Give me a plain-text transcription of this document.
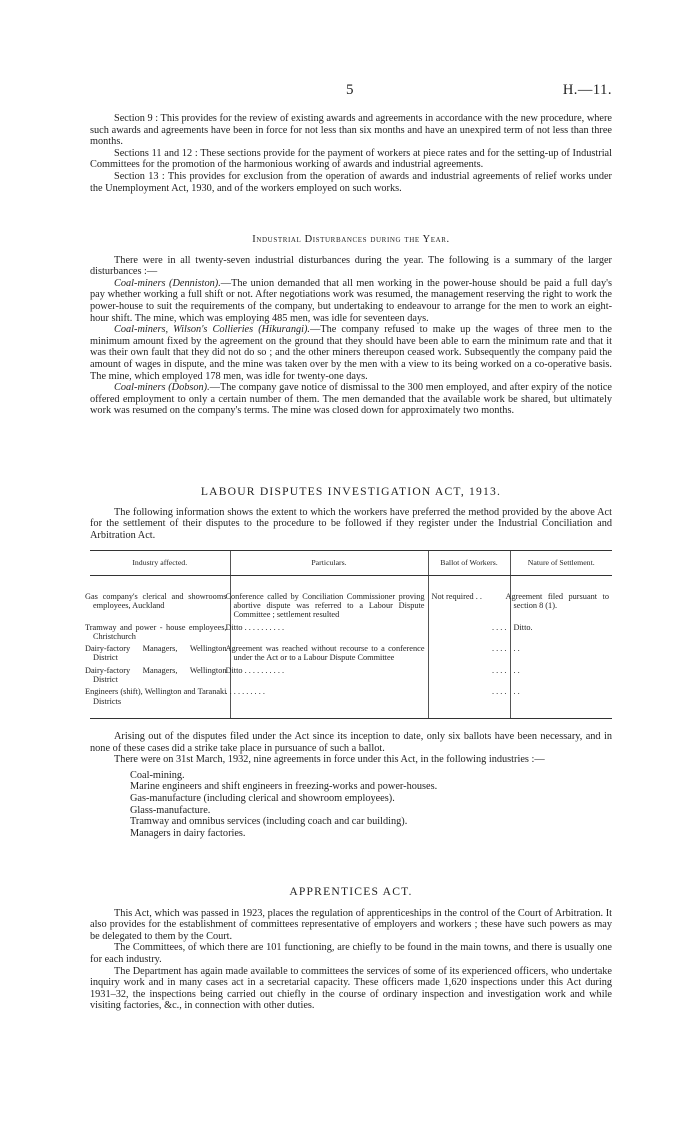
5	H.—11.

Section 9 : This provides for the review of existing awards and agreements in accordance with the new procedure, where such awards and agreements have been in force for not less than six months and have an unexpired term of not less than three months.

Sections 11 and 12 : These sections provide for the payment of workers at piece rates and for the setting-up of Industrial Committees for the promotion of the harmonious working of awards and industrial agreements.

Section 13 : This provides for exclusion from the operation of awards and industrial agreements of relief works under the Unemployment Act, 1930, and of the workers employed on such works.

Industrial Disturbances during the Year.

There were in all twenty-seven industrial disturbances during the year. The following is a summary of the larger disturbances :—

Coal-miners (Denniston).—The union demanded that all men working in the power-house should be paid a full day's pay whether working a full shift or not. After negotiations work was resumed, the management reserving the right to work the power-house to suit the requirements of the company, but undertaking to endeavour to arrange for the men to work an eight-hour shift. The mine, which was employing 485 men, was idle for seventeen days.

Coal-miners, Wilson's Collieries (Hikurangi).—The company refused to make up the wages of three men to the minimum amount fixed by the agreement on the ground that they should have been able to earn the minimum rate and that it was their own fault that they did not do so ; and the other miners thereupon ceased work. Subsequently the company paid the amount of wages in dispute, and the mine was taken over by the men with a view to its being worked on a co-operative basis. The mine, which employed 178 men, was idle for twenty-one days.

Coal-miners (Dobson).—The company gave notice of dismissal to the 300 men employed, and after expiry of the notice offered employment to only a certain number of them. The men demanded that the available work be shared, but ultimately work was resumed on the company's terms. The mine was closed down for approximately two months.

LABOUR DISPUTES INVESTIGATION ACT, 1913.

The following information shows the extent to which the workers have preferred the method provided by the above Act for the settlement of their disputes to the procedure to be followed if they register under the Industrial Conciliation and Arbitration Act.

Industry affected.	Particulars.	Ballot of Workers.	Nature of Settlement.
Gas company's clerical and showrooms employees, Auckland	Conference called by Conciliation Commissioner proving abortive dispute was referred to a Labour Dispute Committee ; settlement resulted	Not required . .	Agreement filed pursuant to section 8 (1).
Tramway and power - house employees, Christchurch	Ditto . . . . . . . . . .	. . . .	Ditto.
Dairy-factory Managers, Wellington District	Agreement was reached without recourse to a conference under the Act or to a Labour Dispute Committee	. . . .	. .
Dairy-factory Managers, Wellington District	Ditto . . . . . . . . . .	. . . .	. .
Engineers (shift), Wellington and Taranaki Districts	. . . . . . . . . .	. . . .	. .

Arising out of the disputes filed under the Act since its inception to date, only six ballots have been necessary, and in none of these cases did a strike take place in pursuance of such a ballot.

There were on 31st March, 1932, nine agreements in force under this Act, in the following industries :—

Coal-mining.
Marine engineers and shift engineers in freezing-works and power-houses.
Gas-manufacture (including clerical and showroom employees).
Glass-manufacture.
Tramway and omnibus services (including coach and car building).
Managers in dairy factories.
APPRENTICES ACT.

This Act, which was passed in 1923, places the regulation of apprenticeships in the control of the Court of Arbitration. It also provides for the establishment of committees representative of employers and workers ; these have such powers as may be delegated to them by the Court.

The Committees, of which there are 101 functioning, are chiefly to be found in the main towns, and there is usually one for each industry.

The Department has again made available to committees the services of some of its experienced officers, who undertake inquiry work and in many cases act in a secretarial capacity. These officers made 1,620 inspections under this Act during 1931–32, the inspections being carried out chiefly in the course of ordinary inspection and investigation work and while visiting factories, &c., in connection with other duties.
